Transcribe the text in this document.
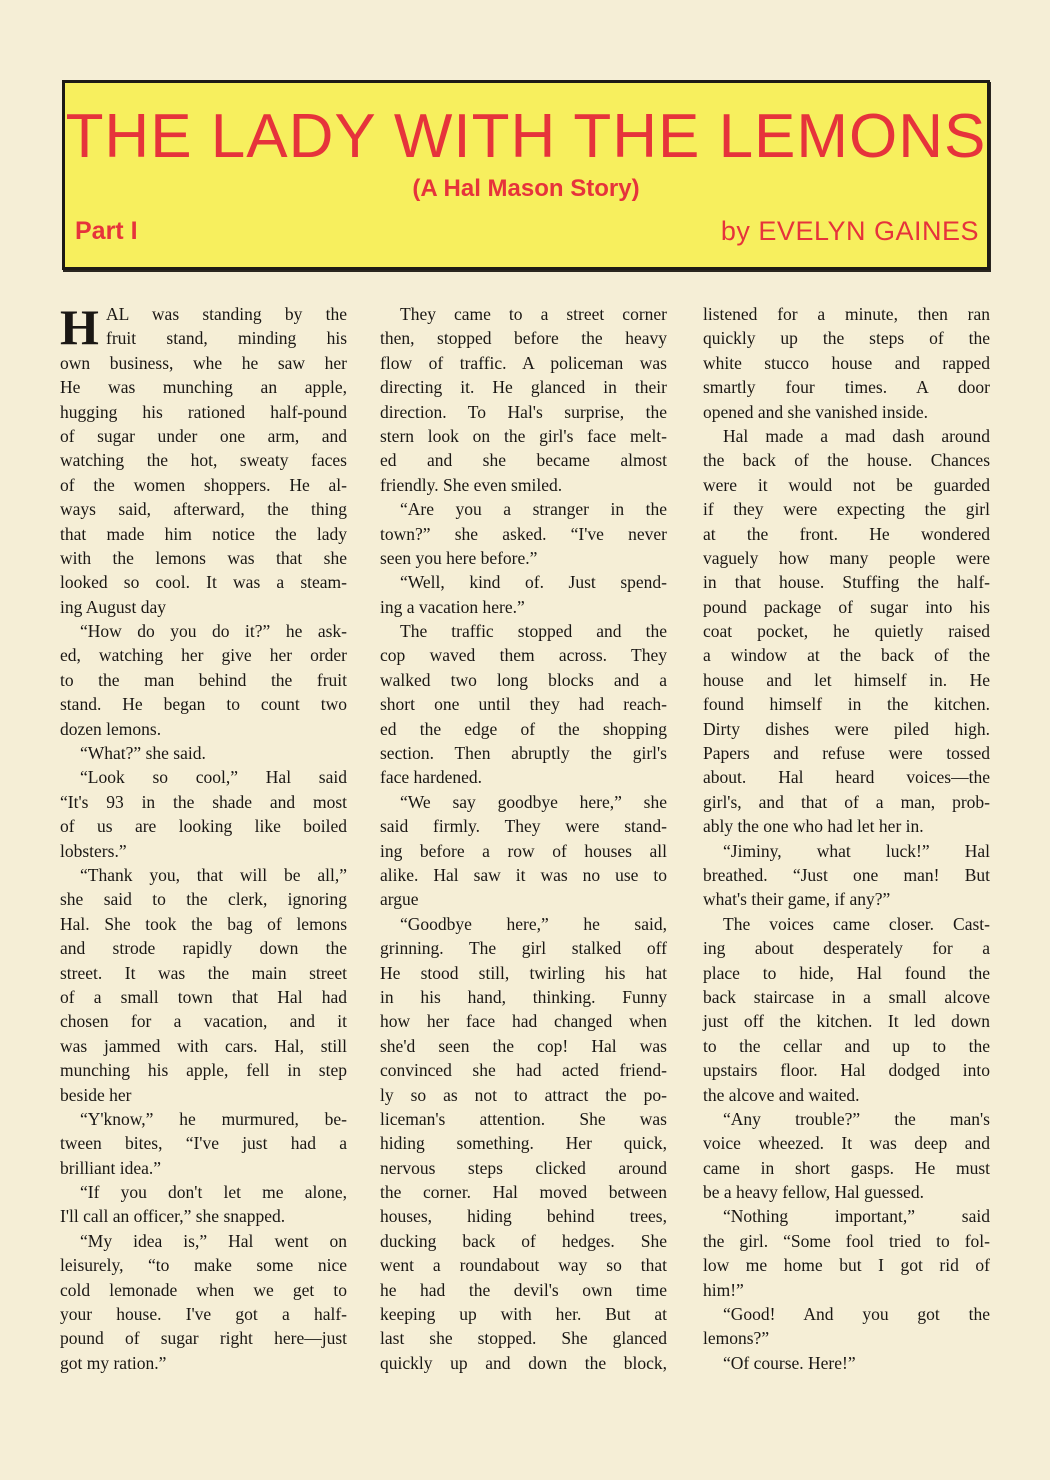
THE LADY WITH THE LEMONS
(A Hal Mason Story)
Part I	by EVELYN GAINES
H AL was standing by the
fruit stand, minding his
own business, whe he saw her
He was munching an apple,
hugging his rationed half-pound
of sugar under one arm, and
watching the hot, sweaty faces
of the women shoppers. He al-
ways said, afterward, the thing
that made him notice the lady
with the lemons was that she
looked so cool. It was a steam-
ing August day
“How do you do it?” he ask-
ed, watching her give her order
to the man behind the fruit
stand. He began to count two
dozen lemons.
“What?” she said.
“Look so cool,” Hal said
“It's 93 in the shade and most
of us are looking like boiled
lobsters.”
“Thank you, that will be all,”
she said to the clerk, ignoring
Hal. She took the bag of lemons
and strode rapidly down the
street. It was the main street
of a small town that Hal had
chosen for a vacation, and it
was jammed with cars. Hal, still
munching his apple, fell in step
beside her
“Y'know,” he murmured, be-
tween bites, “I've just had a
brilliant idea.”
“If you don't let me alone,
I'll call an officer,” she snapped.
“My idea is,” Hal went on
leisurely, “to make some nice
cold lemonade when we get to
your house. I've got a half-
pound of sugar right here—just
got my ration.”
They came to a street corner
then, stopped before the heavy
flow of traffic. A policeman was
directing it. He glanced in their
direction. To Hal's surprise, the
stern look on the girl's face melt-
ed and she became almost
friendly. She even smiled.
“Are you a stranger in the
town?” she asked. “I've never
seen you here before.”
“Well, kind of. Just spend-
ing a vacation here.”
The traffic stopped and the
cop waved them across. They
walked two long blocks and a
short one until they had reach-
ed the edge of the shopping
section. Then abruptly the girl's
face hardened.
“We say goodbye here,” she
said firmly. They were stand-
ing before a row of houses all
alike. Hal saw it was no use to
argue
“Goodbye here,” he said,
grinning. The girl stalked off
He stood still, twirling his hat
in his hand, thinking. Funny
how her face had changed when
she'd seen the cop! Hal was
convinced she had acted friend-
ly so as not to attract the po-
liceman's attention. She was
hiding something. Her quick,
nervous steps clicked around
the corner. Hal moved between
houses, hiding behind trees,
ducking back of hedges. She
went a roundabout way so that
he had the devil's own time
keeping up with her. But at
last she stopped. She glanced
quickly up and down the block,
listened for a minute, then ran
quickly up the steps of the
white stucco house and rapped
smartly four times. A door
opened and she vanished inside.
Hal made a mad dash around
the back of the house. Chances
were it would not be guarded
if they were expecting the girl
at the front. He wondered
vaguely how many people were
in that house. Stuffing the half-
pound package of sugar into his
coat pocket, he quietly raised
a window at the back of the
house and let himself in. He
found himself in the kitchen.
Dirty dishes were piled high.
Papers and refuse were tossed
about. Hal heard voices—the
girl's, and that of a man, prob-
ably the one who had let her in.
“Jiminy, what luck!” Hal
breathed. “Just one man! But
what's their game, if any?”
The voices came closer. Cast-
ing about desperately for a
place to hide, Hal found the
back staircase in a small alcove
just off the kitchen. It led down
to the cellar and up to the
upstairs floor. Hal dodged into
the alcove and waited.
“Any trouble?” the man's
voice wheezed. It was deep and
came in short gasps. He must
be a heavy fellow, Hal guessed.
“Nothing important,” said
the girl. “Some fool tried to fol-
low me home but I got rid of
him!”
“Good! And you got the
lemons?”
“Of course. Here!”
